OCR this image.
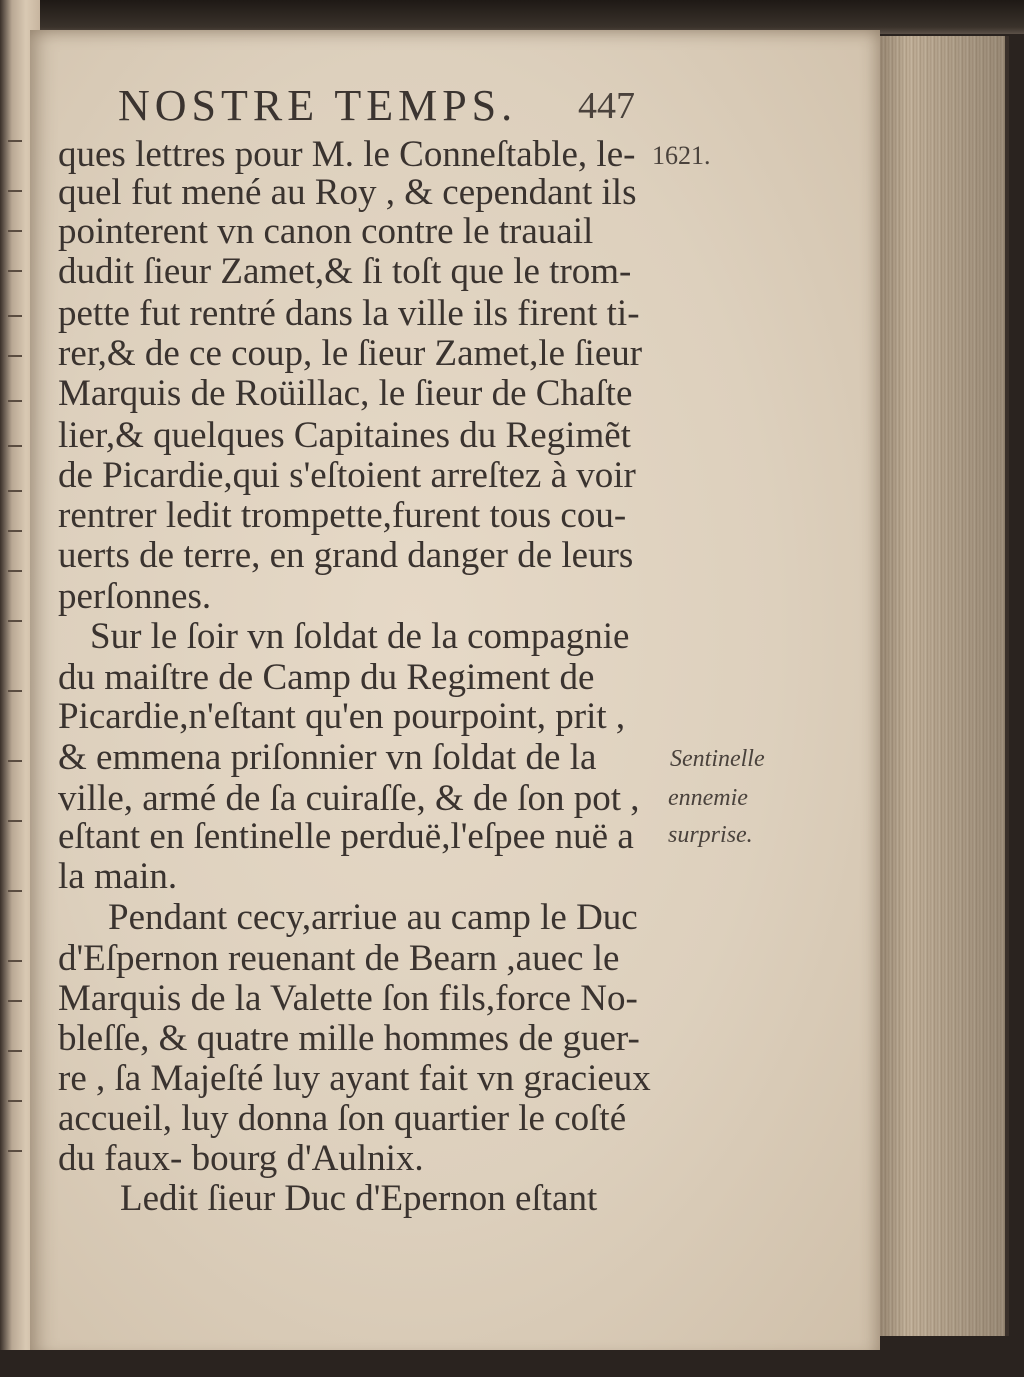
NOSTRE TEMPS. 447
1621.
ques lettres pour M. le Conneſtable, le-
quel fut mené au Roy , & cependant ils
pointerent vn canon contre le trauail
dudit ſieur Zamet,& ſi toſt que le trom-
pette fut rentré dans la ville ils firent ti-
rer,& de ce coup, le ſieur Zamet,le ſieur
Marquis de Roüillac, le ſieur de Chaſte
lier,& quelques Capitaines du Regimẽt
de Picardie,qui s'eſtoient arreſtez à voir
rentrer ledit trompette,furent tous cou-
uerts de terre, en grand danger de leurs
perſonnes.
Sur le ſoir vn ſoldat de la compagnie
du maiſtre de Camp du Regiment de
Picardie,n'eſtant qu'en pourpoint, prit ,
& emmena priſonnier vn ſoldat de la
ville, armé de ſa cuiraſſe, & de ſon pot ,
eſtant en ſentinelle perduë,l'eſpee nuë a
la main.
Pendant cecy,arriue au camp le Duc
d'Eſpernon reuenant de Bearn ,auec le
Marquis de la Valette ſon fils,force No-
bleſſe, & quatre mille hommes de guer-
re , ſa Majeſté luy ayant fait vn gracieux
accueil, luy donna ſon quartier le coſté
du faux- bourg d'Aulnix.
Ledit ſieur Duc d'Epernon eſtant
Sentinelle
ennemie
surprise.
